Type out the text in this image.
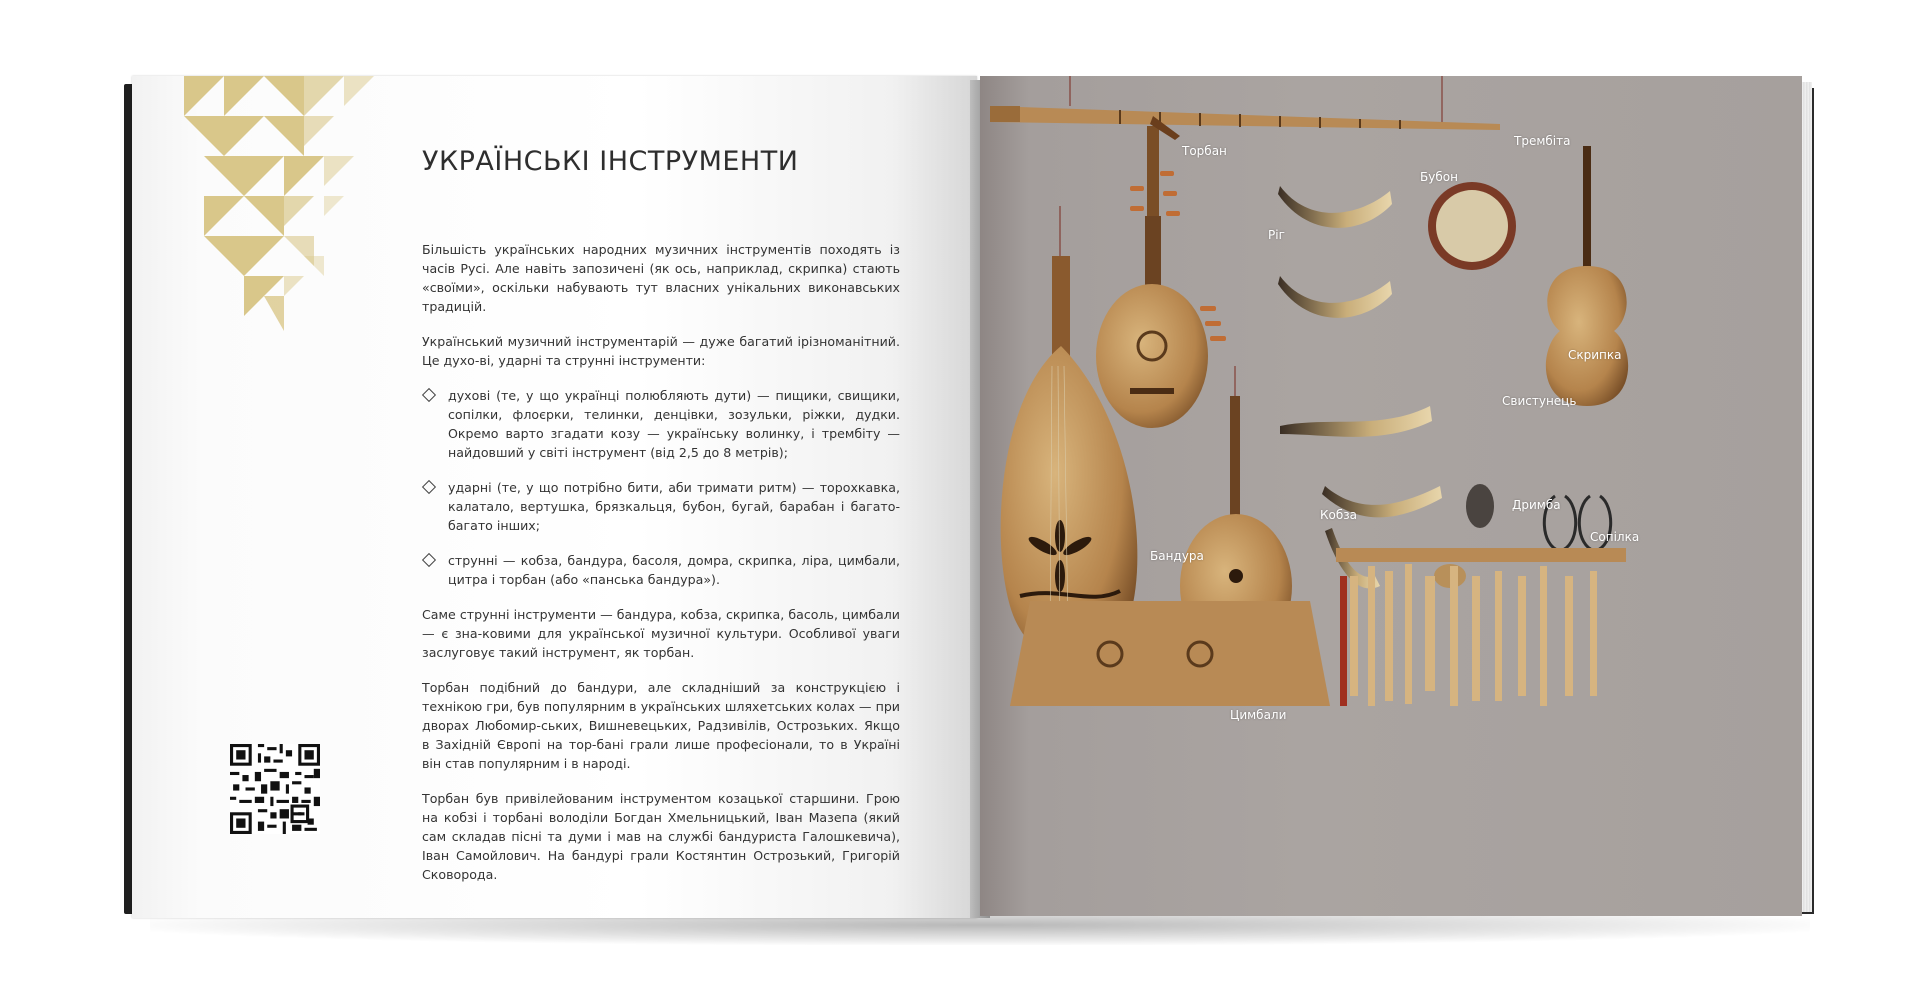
УКРАЇНСЬКІ ІНСТРУМЕНТИ

Більшість українських народних музичних інструментів походять із часів Русі. Але навіть запозичені (як ось, наприклад, скрипка) стають «своїми», оскільки набувають тут власних унікальних виконавських традицій.

Український музичний інструментарій — дуже багатий ірізноманітний. Це духо-ві, ударні та струнні інструменти:

духові (те, у що українці полюбляють дути) — пищики, свищики, сопілки, флоєрки, телинки, денцівки, зозульки, ріжки, дудки. Окремо варто згадати козу — українську волинку, і трембіту — найдовший у світі інструмент (від 2,5 до 8 метрів);
ударні (те, у що потрібно бити, аби тримати ритм) — торохкавка, калатало, вертушка, брязкальця, бубон, бугай, барабан і багато-багато інших;
струнні — кобза, бандура, басоля, домра, скрипка, ліра, цимбали, цитра і торбан (або «панська бандура»).

Саме струнні інструменти — бандура, кобза, скрипка, басоль, цимбали — є зна-ковими для української музичної культури. Особливої уваги заслуговує такий інструмент, як торбан.

Торбан подібний до бандури, але складніший за конструкцією і технікою гри, був популярним в українських шляхетських колах — при дворах Любомир-ських, Вишневецьких, Радзивілів, Острозьких. Якщо в Західній Європі на тор-бані грали лише професіонали, то в Україні він став популярним і в народі.

Торбан був привілейованим інструментом козацької старшини. Грою на кобзі і торбані володіли Богдан Хмельницький, Іван Мазепа (який сам складав пісні та думи і мав на службі бандуриста Галошкевича), Іван Самойлович. На бандурі грали Костянтин Острозький, Григорій Сковорода.

Трембіта
Торбан
Бубон
Ріг
Скрипка
Свистунець
Дримба
Сопілка
Кобза
Бандура
Цимбали
